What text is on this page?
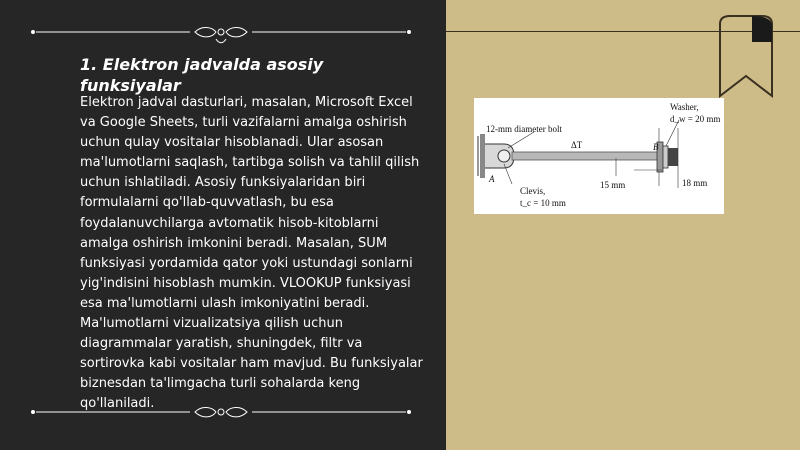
1. Elektron jadvalda asosiy funksiyalar

Elektron jadval dasturlari, masalan, Microsoft Excel va Google Sheets, turli vazifalarni amalga oshirish uchun qulay vositalar hisoblanadi. Ular asosan ma'lumotlarni saqlash, tartibga solish va tahlil qilish uchun ishlatiladi. Asosiy funksiyalaridan biri formulalarni qo'llab-quvvatlash, bu esa foydalanuvchilarga avtomatik hisob-kitoblarni amalga oshirish imkonini beradi. Masalan, SUM funksiyasi yordamida qator yoki ustundagi sonlarni yig'indisini hisoblash mumkin. VLOOKUP funksiyasi esa ma'lumotlarni ulash imkoniyatini beradi. Ma'lumotlarni vizualizatsiya qilish uchun diagrammalar yaratish, shuningdek, filtr va sortirovka kabi vositalar ham mavjud. Bu funksiyalar biznesdan ta'limgacha turli sohalarda keng qo'llaniladi.

Washer,
d_w = 20 mm
12-mm diameter bolt
ΔT
A
B
15 mm	18 mm
Clevis,
t_c = 10 mm
